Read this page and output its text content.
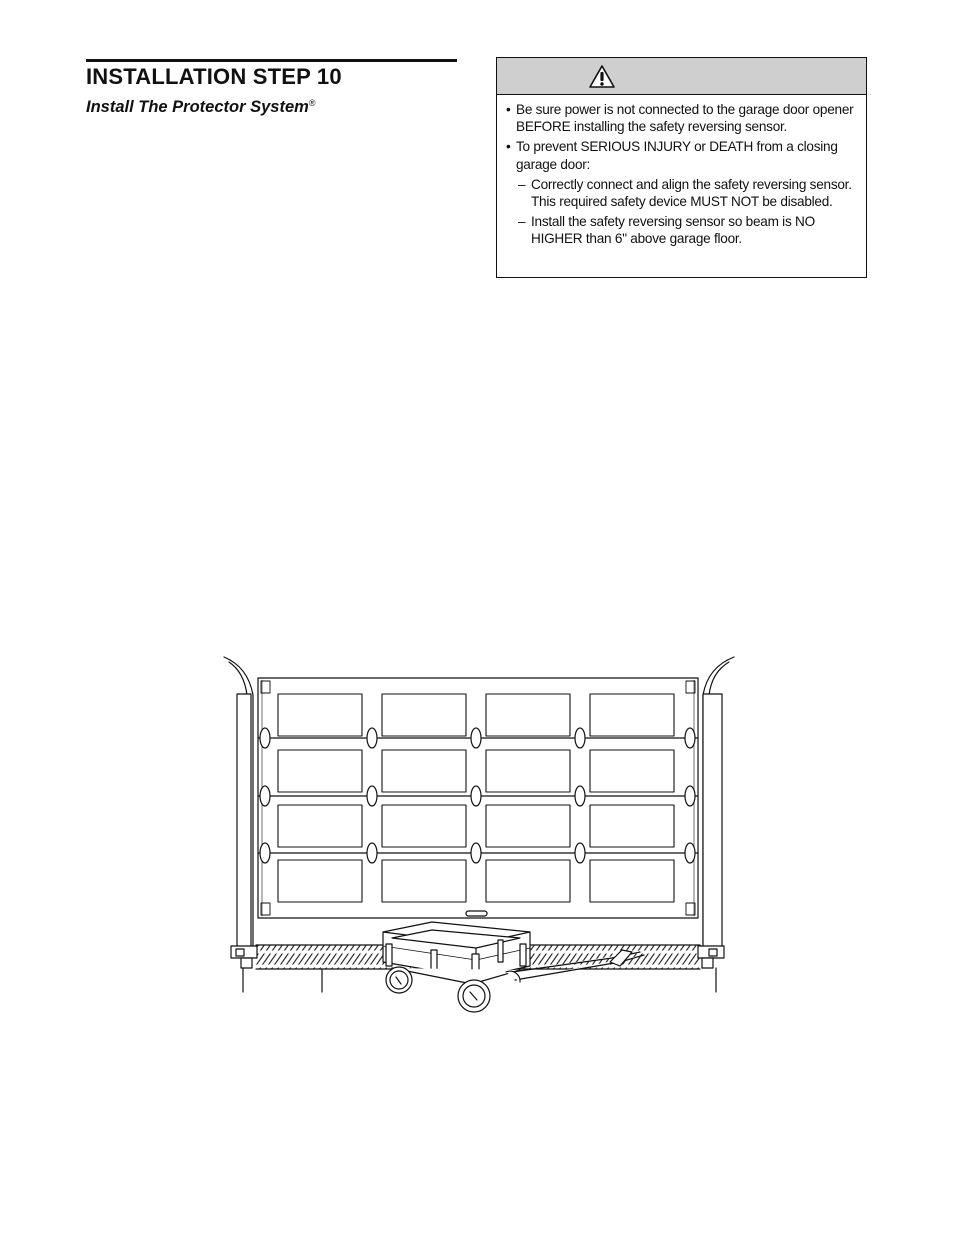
INSTALLATION STEP 10
Install The Protector System®	• Be sure power is not connected to the garage door opener BEFORE installing the safety reversing sensor.
• To prevent SERIOUS INJURY or DEATH from a closing garage door:
– Correctly connect and align the safety reversing sensor. This required safety device MUST NOT be disabled.
– Install the safety reversing sensor so beam is NO HIGHER than 6" above garage floor.
